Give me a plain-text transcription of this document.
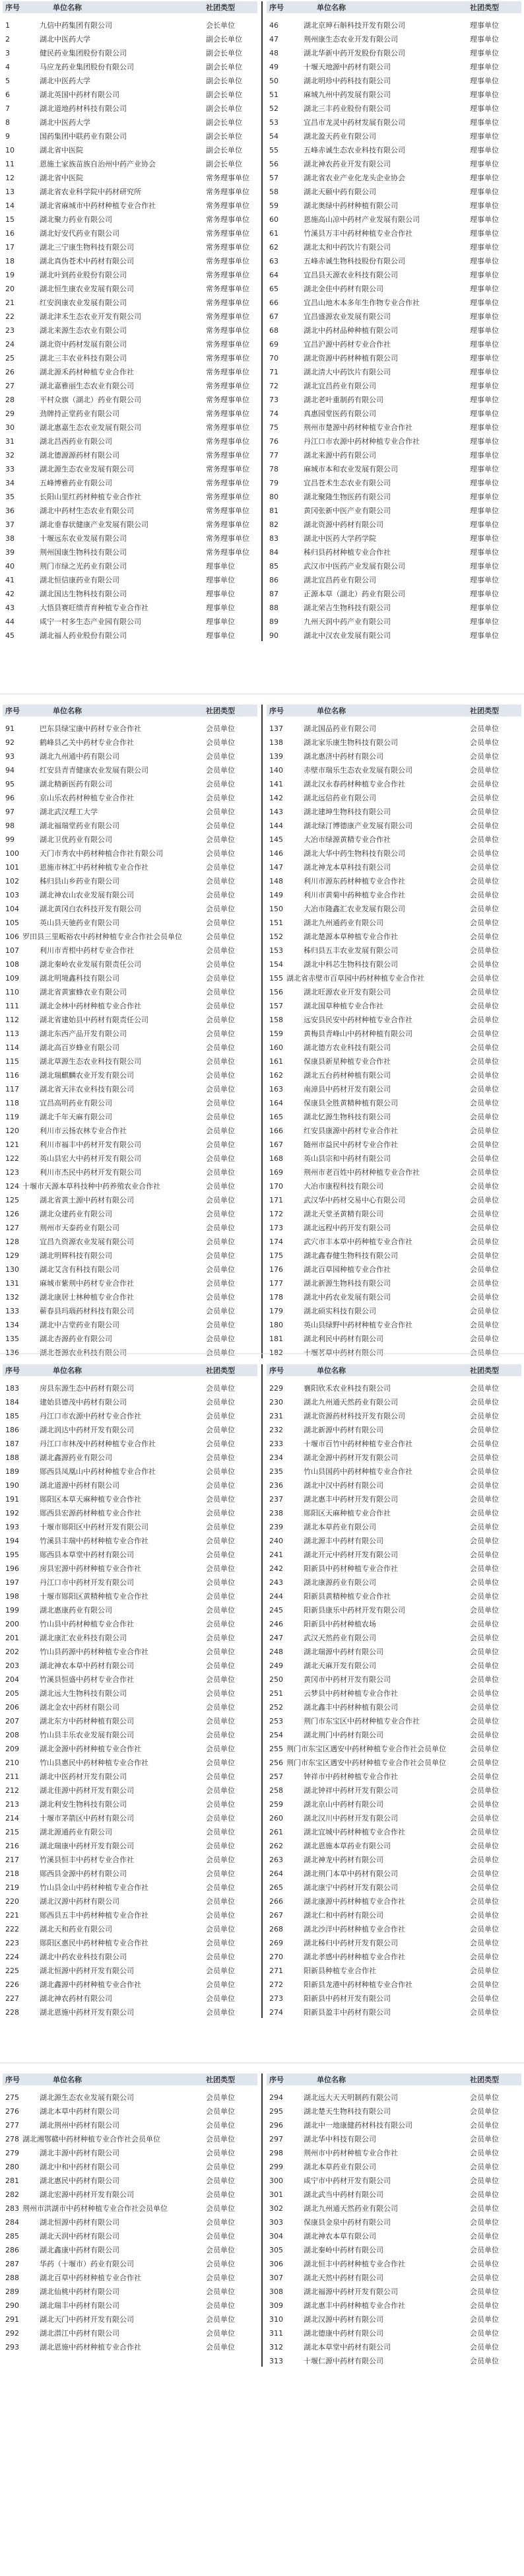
序号	单位名称	社团类型	序号	单位名称	社团类型
1	九信中药集团有限公司	会长单位
2	湖北中医药大学	副会长单位
3	健民药业集团股份有限公司	副会长单位
4	马应龙药业集团股份有限公司	副会长单位
5	湖北中医药大学	副会长单位
6	湖北英国中药材有限公司	副会长单位
7	湖北道地药材科技有限公司	副会长单位
8	湖北中医药大学	副会长单位
9	国药集团中联药业有限公司	副会长单位
10	湖北省中医院	副会长单位
11	恩施土家族苗族自治州中药产业协会	副会长单位
12	湖北省中医院	常务理事单位
13	湖北省农业科学院中药材研究所	常务理事单位
14	湖北省麻城市中药材种植专业合作社	常务理事单位
15	湖北聚力药业有限公司	常务理事单位
16	湖北好安代药业有限公司	常务理事单位
17	湖北三宁康生物科技有限公司	常务理事单位
18	湖北真伪苍术中药材有限公司	常务理事单位
19	湖北叶到药业股份有限公司	常务理事单位
20	湖北恒生康农业发展有限公司	常务理事单位
21	红安润康农业发展有限公司	常务理事单位
22	湖北津禾生态农业开发有限公司	常务理事单位
23	湖北来源生态农业有限公司	常务理事单位
24	湖北资中药材发展有限公司	常务理事单位
25	湖北三丰农业科技有限公司	常务理事单位
26	湖北源禾药材种植专业合作社	常务理事单位
27	湖北嘉雅丽生态农业有限公司	常务理事单位
28	平村众旗（湖北）药业有限公司	常务理事单位
29	劲牌持正堂药业有限公司	常务理事单位
30	湖北惠嘉生态农业发展有限公司	常务理事单位
31	湖北昌西药业有限公司	常务理事单位
32	湖北德源源药材有限公司	常务理事单位
33	湖北源生态农业发展有限公司	常务理事单位
34	五峰博雅药业有限公司	常务理事单位
35	长阳山里红药材种植专业合作社	常务理事单位
36	湖北中药材生态农业有限公司	常务理事单位
37	湖北垂春状健康产业发展有限公司	常务理事单位
38	十堰远东农业发展有限公司	常务理事单位
39	荆州国康生物科技有限公司	常务理事单位
40	荆门市绿之光药业有限公司	理事单位
41	湖北恒信康药业有限公司	理事单位
42	湖北国达生物科技有限公司	理事单位
43	大悟县赛旺绩青育种植专业合作社	理事单位
44	咸宁一村多生态产业园有限公司	理事单位
45	湖北福人药业股份有限公司	理事单位
46	湖北京珅石斛科技开发有限公司	理事单位
47	荆州康生态农业开发有限公司	理事单位
48	湖北华新中药开发股份有限公司	理事单位
49	十堰天地源中药材有限公司	理事单位
50	湖北明珍中药科技有限公司	理事单位
51	麻城九州中药发展有限公司	理事单位
52	湖北三丰药业股份有限公司	理事单位
53	宜昌市龙灵中药材发展有限公司	理事单位
54	湖北盈天药业有限公司	理事单位
55	五峰赤诚生态农业科技有限公司	理事单位
56	湖北神农药业开发有限公司	理事单位
57	湖北省农业产业化龙头企业协会	理事单位
58	湖北天颐中药有限公司	理事单位
59	湖北奥绿中药材种植有限公司	理事单位
60	恩施高山凉中药材产业发展有限公司	理事单位
61	竹溪县万丰中药材种植专业合作社	理事单位
62	湖北太和中药饮片有限公司	理事单位
63	五峰赤诚生物科技股份有限公司	理事单位
64	宜昌县天源农业科技有限公司	理事单位
65	湖北金佳中药材有限公司	理事单位
66	宜昌山地木本多年生作物专业合作社	理事单位
67	宜昌盛源农业发展有限公司	理事单位
68	湖北中药材品种种植有限公司	理事单位
69	宜昌沪源中药材专业合作社	理事单位
70	湖北资源中药材种植有限公司	理事单位
71	湖北清大中药饮片有限公司	理事单位
72	湖北宜昌药业有限公司	理事单位
73	湖北老叶重制药有限公司	理事单位
74	真惠园堂医药有限公司	理事单位
75	荆州市楚源中药材种植专业合作社	理事单位
76	丹江口市农源中药材种植专业合作社	理事单位
77	湖北来源中药有限公司	理事单位
78	麻城市本和农业发展有限公司	理事单位
79	宜昌苍术生态农业有限公司	理事单位
80	湖北聚隆生物医药有限公司	理事单位
81	黄冈张新中医产业有限公司	理事单位
82	湖北资源中药材有限公司	理事单位
83	湖北中医药大学药学院	理事单位
84	秭归县药材种植专业合作社	理事单位
85	武汉市中医药产业发展有限公司	理事单位
86	湖北宜昌药业有限公司	理事单位
87	正源本草（湖北）药业有限公司	理事单位
88	湖北荣吉生物科技有限公司	理事单位
89	九州天润中药产业有限公司	理事单位
90	湖北中汉农业发展有限公司	理事单位
序号	单位名称	社团类型	序号	单位名称	社团类型
91	巴东县绿宝康中药材专业合作社	会员单位
92	鹤峰县乙关中药材专业合作社	会员单位
93	湖北九州通中药有限公司	会员单位
94	红安县青青健康农业发展有限公司	会员单位
95	湖北精新医药有限公司	会员单位
96	京山乐农药材种植专业合作社	会员单位
97	湖北武汉理工大学	会员单位
98	湖北福瑞堂药业有限公司	会员单位
99	湖北卫优药业有限公司	会员单位
100	天门市秀农中药材种植合作社有限公司	会员单位
101	恩施市林汇中药材种植专业合作社	会员单位
102	秭归县山乡药业有限公司	会员单位
103	湖北神农山农业发展有限公司	会员单位
104	湖北黄冈白农科技开发有限公司	会员单位
105	英山县天驰药业有限公司	会员单位
106 罗田县三里畈裕农中药材种植专业合作社会员单位	会员单位
107	利川市青根中药材专业合作社	会员单位
108	湖北秦岭农业发展有限责任公司	会员单位
109	湖北明境鑫科技有限公司	会员单位
110	湖北省黄蜜蜂农业有限公司	会员单位
111	湖北金林中药材种植专业合作社	会员单位
112	湖北省建始县中药材有限责任公司	会员单位
113	湖北东西产品开发有限公司	会员单位
114	湖北高百岁蜂业有限公司	会员单位
115	湖北草源生态农业科技有限公司	会员单位
116	湖北瑞麒麟农业开发有限公司	会员单位
117	湖北省天沣农业科技有限公司	会员单位
118	宜昌高明药业有限公司	会员单位
119	湖北千年天麻有限公司	会员单位
120	利川市云扬农林专业合作社	会员单位
121	利川市福丰中药材开发有限公司	会员单位
122	英山县宏大中药材开发有限公司	会员单位
123	利川市杰民中药材开发有限公司	会员单位
124 十堰市天源本草科技种中药养殖农业合作社	会员单位
125	湖北省黄土源中药材有限公司	会员单位
126	湖北众建药业有限公司	会员单位
127	荆州市天泰药业有限公司	会员单位
128	宜昌九资源农业发展有限公司	会员单位
129	湖北明辉科技有限公司	会员单位
130	湖北艾含有科技有限公司	会员单位
131	麻城市紫荆中药材专业合作社	会员单位
132	湖北康居士林种植专业合作社	会员单位
133	蕲春县玛瑙药材科技有限公司	会员单位
134	湖北中吉堂药业有限公司	会员单位
135	湖北杏源药业有限公司	会员单位
136	湖北苍源农业科技有限公司	会员单位
137	湖北国品药业有限公司	会员单位
138	湖北家乐康生物科技有限公司	会员单位
139	湖北惠济中药材有限公司	会员单位
140	赤壁市瑞乐生态农业发展有限公司	会员单位
141	湖北汉永春药材种植专业合作社	会员单位
142	湖北远信药业有限公司	会员单位
143	湖北建坤生物科技有限公司	会员单位
144	湖北绿汀博德康产业发展有限公司	会员单位
145	大冶市绿源黄精专业合作社	会员单位
146	湖北大华中药生物科技有限公司	会员单位
147	湖北神龙本草科技有限公司	会员单位
148	利川市源东药材种植专业合作社	会员单位
149	利川市黄菊中药种植专业合作社	会员单位
150	大冶市隆鑫汇农业发展有限公司	会员单位
151	湖北九州通药业有限公司	会员单位
152	湖北楚源本草种植专业合作社	会员单位
153	秭归县五丰农业发展有限公司	会员单位
154	湖北中科芯生物科技有限公司	会员单位
155 湖北省赤壁市百草园中药材种植专业合作社	会员单位
156	湖北旺源农业开发有限公司	会员单位
157	湖北国草种植专业合作社	会员单位
158	远安县民安中药材种植专业合作社	会员单位
159	黄梅县青峰山中药材种植有限公司	会员单位
160	湖北德方农业科技有限公司	会员单位
161	保康县新星种植专业合作社	会员单位
162	湖北五台药材种植有限公司	会员单位
163	南漳县中药材开发有限公司	会员单位
164	保康县全胜黄精种植有限公司	会员单位
165	湖北忆源生物科技有限公司	会员单位
166	红安县康源中药材专业合作社	会员单位
167	随州市益民中药材专业合作社	会员单位
168	英山县宗和中药材有限公司	会员单位
169	荆州市老百姓中药材种植专业合作社	会员单位
170	大冶市康程科技有限公司	会员单位
171	武汉华中药材交易中心有限公司	会员单位
172	湖北天堂圣黄精有限公司	会员单位
173	湖北远程中药开发有限公司	会员单位
174	武穴市丰本草中药种植专业合作社	会员单位
175	湖北鑫春健生物科技有限公司	会员单位
176	湖北百草园种植专业合作社	会员单位
177	湖北新源生物科技有限公司	会员单位
178	湖北中药农业发展有限公司	会员单位
179	湖北硕实科技有限公司	会员单位
180	英山县绿野中药材种植专业合作社	会员单位
181	湖北利民中药材有限公司	会员单位
182	十堰茗草中药材有限公司	会员单位
序号	单位名称	社团类型	序号	单位名称	社团类型
183	房县东源生态中药材有限公司	会员单位
184	建始县德茂中药材有限公司	会员单位
185	丹江口市农源中药材专业合作社	会员单位
186	湖北润达中药材开发有限公司	会员单位
187	丹江口市林茂中药材种植专业合作社	会员单位
188	湖北鑫源药业有限公司	会员单位
189	郧西县凤凰山中药材种植专业合作社	会员单位
190	湖北道源中药材有限公司	会员单位
191	郧阳区本草天麻种植专业合作社	会员单位
192	郧西县宏源药材种植专业合作社	会员单位
193	十堰市郧阳区中药材开发有限公司	会员单位
194	竹溪县丰瑞中药材种植专业合作社	会员单位
195	郧西县本草堂中药材有限公司	会员单位
196	房县宏源中药材种植专业合作社	会员单位
197	丹江口市中药材开发有限公司	会员单位
198	十堰市郧阳区黄精种植专业合作社	会员单位
199	湖北惠康药业有限公司	会员单位
200	竹山县中药材种植专业合作社	会员单位
201	湖北康汇农业科技有限公司	会员单位
202	竹山县药源中药材种植专业合作社	会员单位
203	湖北神农本草中药材有限公司	会员单位
204	竹溪县恒盛中药材专业合作社	会员单位
205	湖北远大生物科技有限公司	会员单位
206	湖北金农中药材有限公司	会员单位
207	湖北东方中药材种植有限公司	会员单位
208	竹山县丰乐农业发展有限公司	会员单位
209	湖北金源中药材种植专业合作社	会员单位
210	竹山县惠民中药材种植专业合作社	会员单位
211	湖北中医药材开发有限公司	会员单位
212	湖北佳源中药材开发有限公司	会员单位
213	湖北利安生物科技有限公司	会员单位
214	十堰市茅箭区中药材有限公司	会员单位
215	湖北源通药业有限公司	会员单位
216	湖北瑞康中药材开发有限公司	会员单位
217	竹溪县恒丰中药材专业合作社	会员单位
218	郧西县金源中药材有限公司	会员单位
219	竹山县金山中药材种植专业合作社	会员单位
220	湖北汉源中药材有限公司	会员单位
221	郧西县五丰中药材种植专业合作社	会员单位
222	湖北天和药业有限公司	会员单位
223	郧阳区惠民中药材种植专业合作社	会员单位
224	湖北中药农业科技有限公司	会员单位
225	湖北恒源中药材开发有限公司	会员单位
226	湖北鑫源中药材种植专业合作社	会员单位
227	湖北神农药材有限公司	会员单位
228	湖北恩施中药材开发有限公司	会员单位
229	襄阳欣禾农业科技有限公司	会员单位
230	湖北九州通天然药业有限公司	会员单位
231	湖北资源药材科技开发有限公司	会员单位
232	湖北新源中药材有限公司	会员单位
233	十堰市百竹中药材种植专业合作社	会员单位
234	湖北金源中药材开发有限公司	会员单位
235	竹山县国药中药材种植专业合作社	会员单位
236	湖北中汉中药材有限公司	会员单位
237	湖北惠丰中药材开发有限公司	会员单位
238	郧阳区天麻种植专业合作社	会员单位
239	湖北本草药业有限公司	会员单位
240	湖北源丰中药材有限公司	会员单位
241	湖北开元中药材开发有限公司	会员单位
242	阳新县中药材种植专业合作社	会员单位
243	湖北康源药业有限公司	会员单位
244	阳新县黄精种植专业合作社	会员单位
245	阳新县康乐中药材开发有限公司	会员单位
246	阳新县中药材种植农场	会员单位
247	武汉天然药业有限公司	会员单位
248	湖北瑞源中药材有限公司	会员单位
249	湖北天麻开发有限公司	会员单位
250	黄冈市中药材开发有限公司	会员单位
251	云梦县中药材种植专业合作社	会员单位
252	湖北鑫丰中药材种植有限公司	会员单位
253	荆门市东宝区中药材种植专业合作社	会员单位
254	湖北荆门中药材有限公司	会员单位
255 荆门市东宝区遇安中药材种植专业合作社会员单位	会员单位
256 荆门市东宝区遇安中药材种植专业合作社会员单位	会员单位
257	钟祥市中药材种植专业合作社	会员单位
258	湖北钟祥中药材开发有限公司	会员单位
259	湖北京山中药材有限公司	会员单位
260	湖北汉川中药材开发有限公司	会员单位
261	湖北宜城中药材种植专业合作社	会员单位
262	湖北恩施本草药业有限公司	会员单位
263	湖北神龙中药材有限公司	会员单位
264	湖北荆门本草中药材有限公司	会员单位
265	湖北康宁中药材开发有限公司	会员单位
266	湖北康源中药材种植专业合作社	会员单位
267	湖北仁和中药材有限公司	会员单位
268	湖北沙洋中药材种植专业合作社	会员单位
269	湖北秭归中药材开发有限公司	会员单位
270	湖北孝感中药材种植专业合作社	会员单位
271	阳新县种植专业合作社	会员单位
272	阳新县龙港中药材种植专业合作社	会员单位
273	阳新县中药材开发有限公司	会员单位
274	阳新县盈丰中药材有限公司	会员单位
序号	单位名称	社团类型	序号	单位名称	社团类型
275	湖北源生态农业发展有限公司	会员单位
276	湖北本草中药材有限公司	会员单位
277	湖北荆州中药材有限公司	会员单位
278 湖北湘鄂赣中药材种植专业合作社会员单位	会员单位
279	湖北丰源中药材有限公司	会员单位
280	湖北中和中药材有限公司	会员单位
281	湖北惠民中药材有限公司	会员单位
282	湖北宏源中药材开发有限公司	会员单位
283 荆州市洪湖市中药材种植专业合作社会员单位	会员单位
284	湖北恒源中药材有限公司	会员单位
285	湖北天润中药材有限公司	会员单位
286	湖北鑫康中药材有限公司	会员单位
287	华药（十堰市）药业有限公司	会员单位
288	湖北百草中药材种植专业合作社	会员单位
289	湖北仙桃中药材有限公司	会员单位
290	湖北瑞丰中药材有限公司	会员单位
291	湖北天门中药材开发有限公司	会员单位
292	湖北潜江中药材有限公司	会员单位
293	湖北恩施中药材种植专业合作社	会员单位
294	湖北远大天天明制药有限公司	会员单位
295	湖北楚天生物科技有限公司	会员单位
296	湖北中一地康健药材科技有限公司	会员单位
297	湖北华中科技有限公司	会员单位
298	荆州市中药材种植专业合作社	会员单位
299	湖北本草药业有限公司	会员单位
300	咸宁市中药材开发有限公司	会员单位
301	湖北武当中药材有限公司	会员单位
302	湖北九州通天然药业有限公司	会员单位
303	保康县金泉中药材有限公司	会员单位
304	湖北神农本草有限公司	会员单位
305	湖北秦岭中药材有限公司	会员单位
306	湖北恒丰中药材种植专业合作社	会员单位
307	湖北天然中药材有限公司	会员单位
308	湖北福源中药材开发有限公司	会员单位
309	湖北惠丰中药材种植专业合作社	会员单位
310	湖北汉源中药材有限公司	会员单位
311	湖北德康中药材有限公司	会员单位
312	湖北本草堂中药材有限公司	会员单位
313	十堰仁源中药材有限公司	会员单位
